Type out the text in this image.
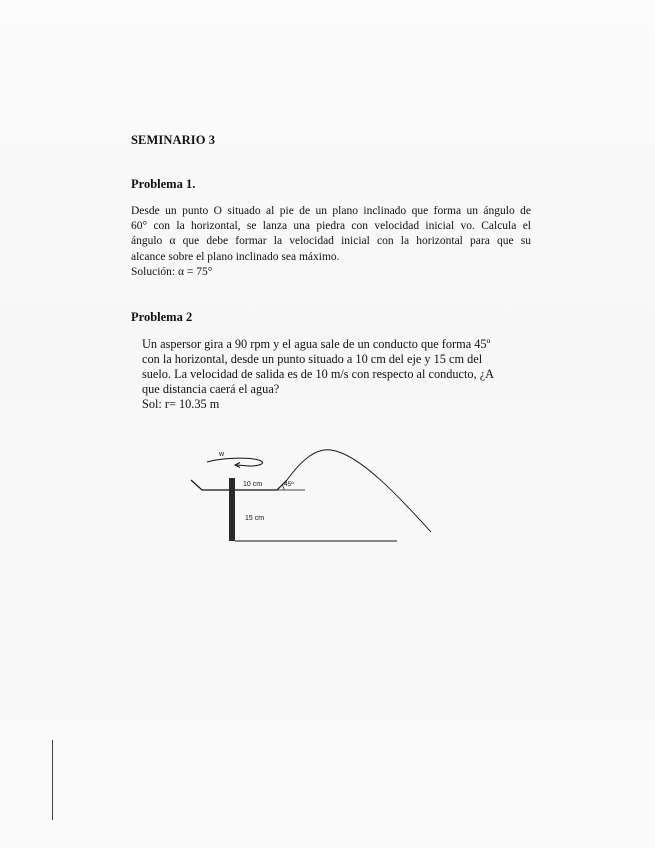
SEMINARIO 3
Problema 1.
Desde un punto O situado al pie de un plano inclinado que forma un ángulo de
60° con la horizontal, se lanza una piedra con velocidad inicial vo. Calcula el
ángulo α que debe formar la velocidad inicial con la horizontal para que su
alcance sobre el plano inclinado sea máximo.
Solución: α = 75°
Problema 2
Un aspersor gira a 90 rpm y el agua sale de un conducto que forma 45º
con la horizontal, desde un punto situado a 10 cm del eje y 15 cm del
suelo. La velocidad de salida es de 10 m/s con respecto al conducto, ¿A
que distancia caerá el agua?
Sol: r= 10.35 m
w
10 cm	45º
15 cm
